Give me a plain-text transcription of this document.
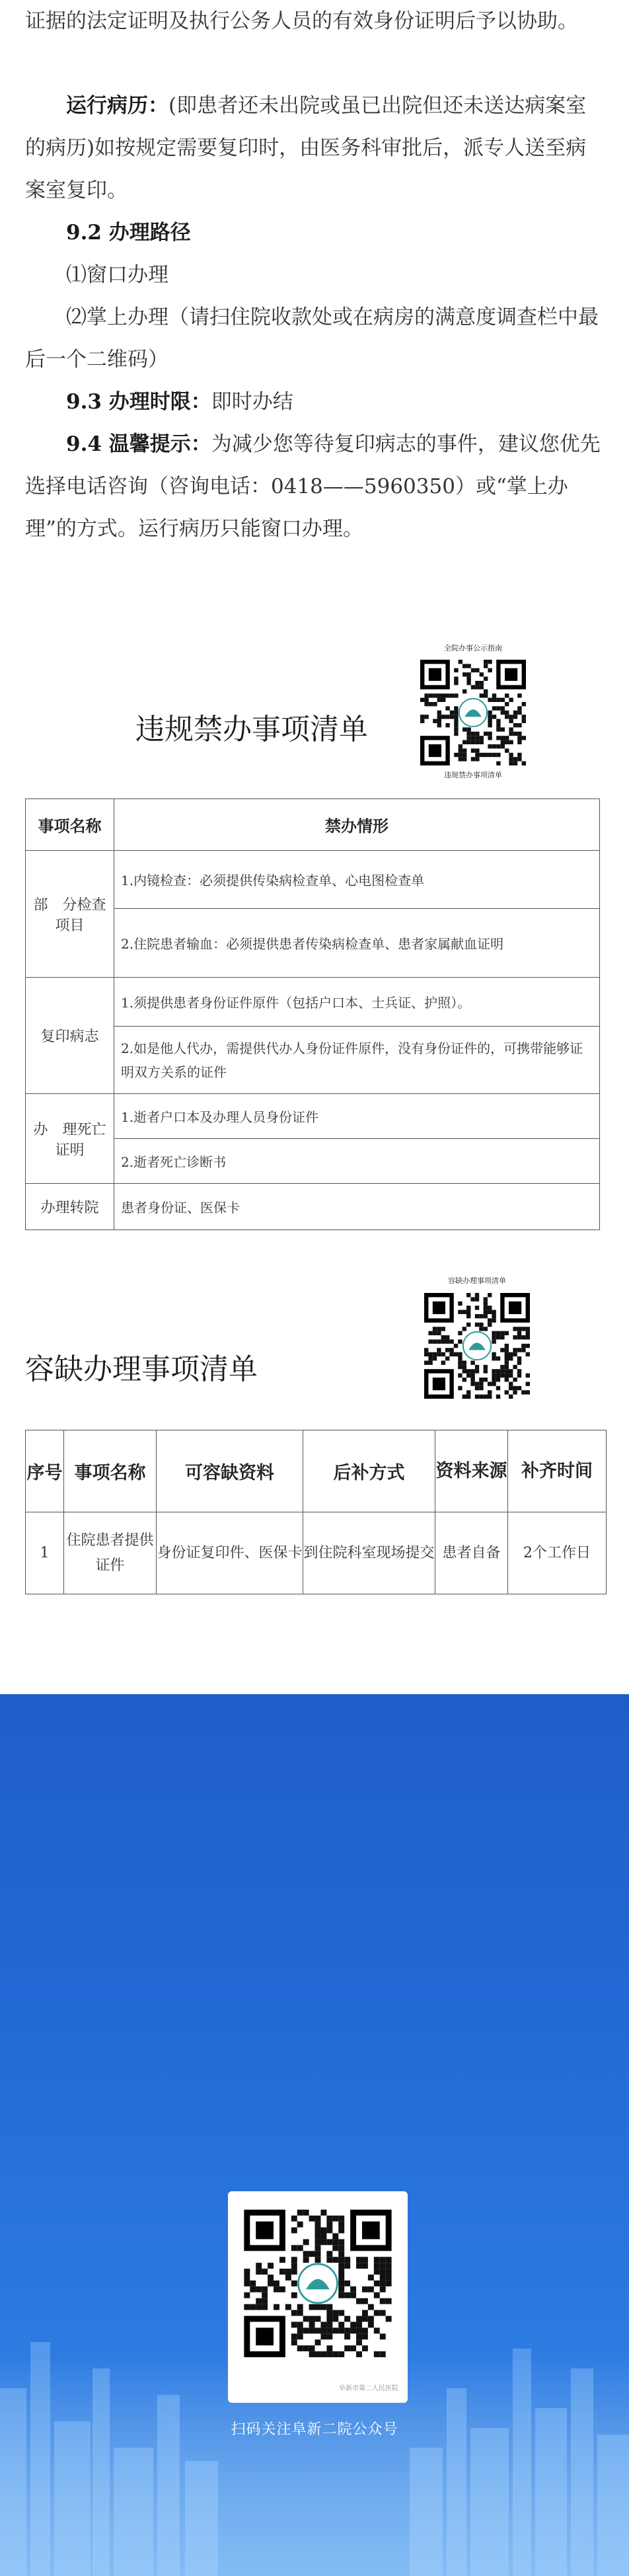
证据的法定证明及执行公务人员的有效身份证明后予以协助。
运行病历：(即患者还未出院或虽已出院但还未送达病案室的病历)如按规定需要复印时，由医务科审批后，派专人送至病案室复印。
9.2 办理路径
⑴窗口办理
⑵掌上办理（请扫住院收款处或在病房的满意度调查栏中最后一个二维码）
9.3 办理时限：即时办结
9.4 温馨提示：为减少您等待复印病志的事件，建议您优先选择电话咨询（咨询电话：0418——5960350）或“掌上办理”的方式。运行病历只能窗口办理。
违规禁办事项清单
全院办事公示指南
违规禁办事项清单
事项名称	禁办情形
部　分检查项目	1.内镜检查：必须提供传染病检查单、心电图检查单
	2.住院患者输血：必须提供患者传染病检查单、患者家属献血证明
复印病志	1.须提供患者身份证件原件（包括户口本、士兵证、护照）。
	2.如是他人代办，需提供代办人身份证件原件，没有身份证件的，可携带能够证明双方关系的证件
办　理死亡证明	1.逝者户口本及办理人员身份证件
	2.逝者死亡诊断书
办理转院	患者身份证、医保卡
容缺办理事项清单
容缺办理事项清单
序号	事项名称	可容缺资料	后补方式	资料来源	补齐时间
1	住院患者提供证件	身份证复印件、医保卡	到住院科室现场提交	患者自备	2个工作日
阜新市第二人民医院
扫码关注阜新二院公众号
